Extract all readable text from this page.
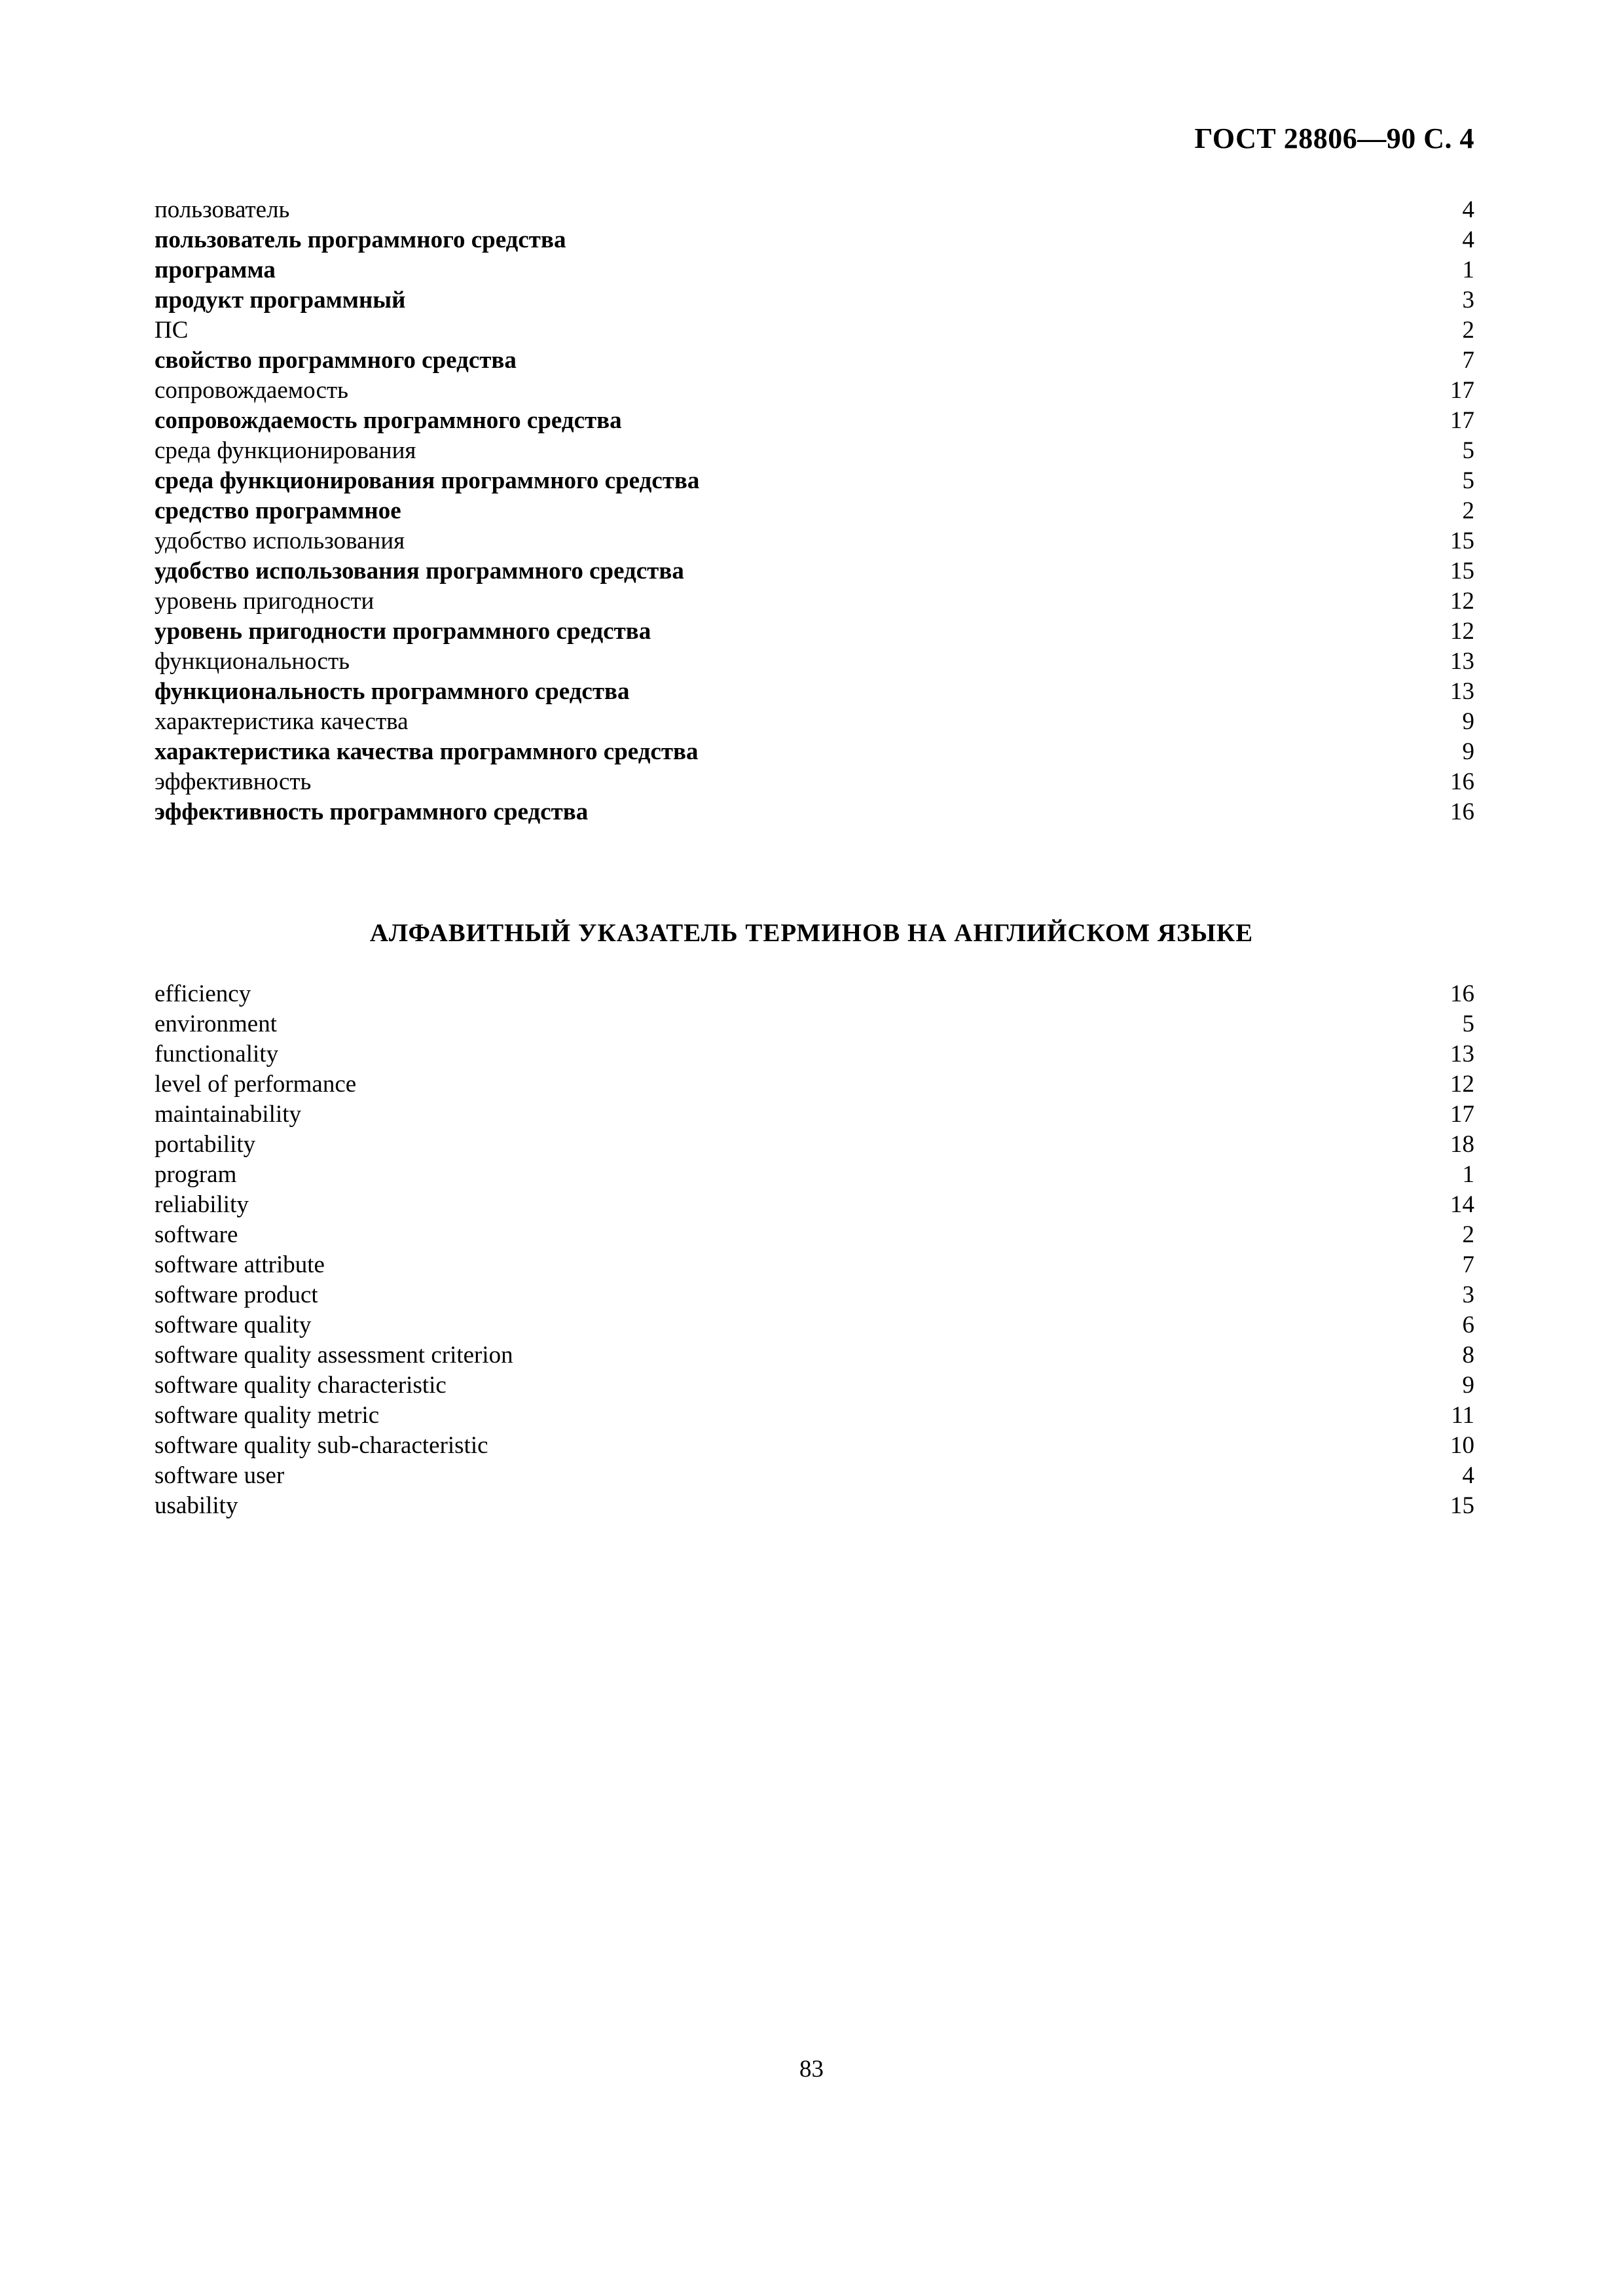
ГОСТ 28806—90 С. 4
пользователь	4
пользователь программного средства	4
программа	1
продукт программный	3
ПС	2
свойство программного средства	7
сопровождаемость	17
сопровождаемость программного средства	17
среда функционирования	5
среда функционирования программного средства	5
средство программное	2
удобство использования	15
удобство использования программного средства	15
уровень пригодности	12
уровень пригодности программного средства	12
функциональность	13
функциональность программного средства	13
характеристика качества	9
характеристика качества программного средства	9
эффективность	16
эффективность программного средства	16
АЛФАВИТНЫЙ УКАЗАТЕЛЬ ТЕРМИНОВ НА АНГЛИЙСКОМ ЯЗЫКЕ
efficiency	16
environment	5
functionality	13
level of performance	12
maintainability	17
portability	18
program	1
reliability	14
software	2
software attribute	7
software product	3
software quality	6
software quality assessment criterion	8
software quality characteristic	9
software quality metric	11
software quality sub-characteristic	10
software user	4
usability	15
83
